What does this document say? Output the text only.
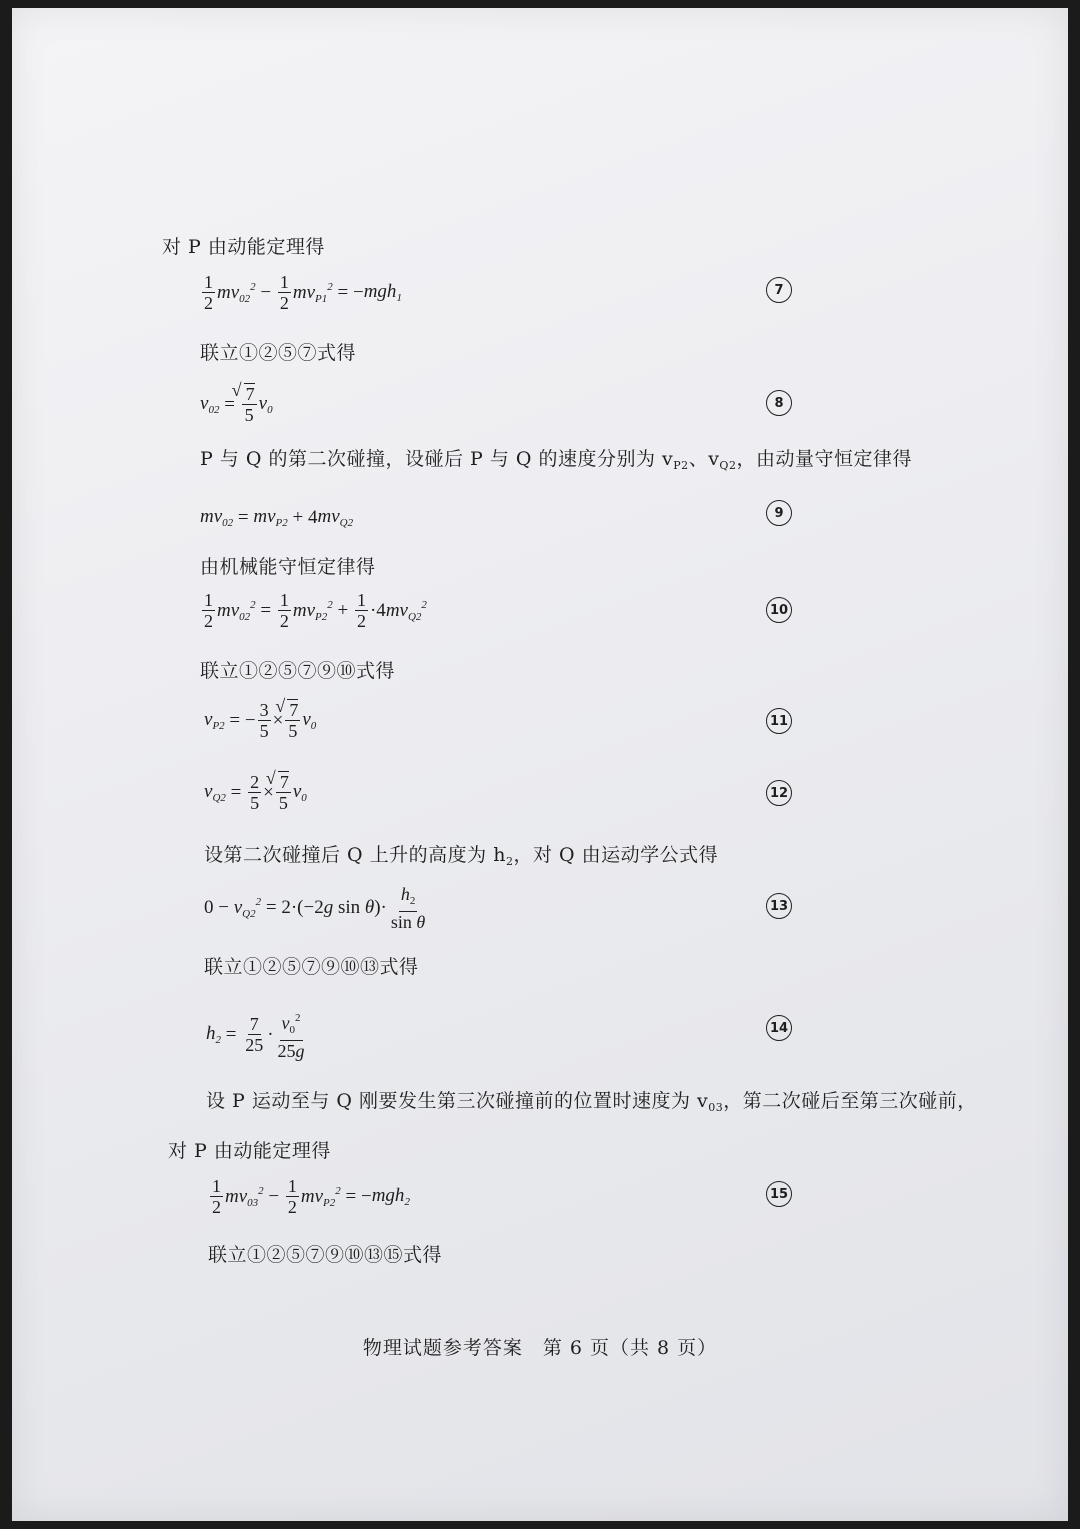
对 P 由动能定理得
$\frac{1}{2} mv_{02}^2 - \frac{1}{2} mv_{P1}^2$ = − mgh$_1$
7
联立①②⑤⑦式得
$v_{02}$ = √ $\frac{7}{5} v_0$	8
P 与 Q 的第二次碰撞，设碰后 P 与 Q 的速度分别为 $v_{P2}$、$v_{Q2}$，由动量守恒定律得
$mv_{02} = mv_{P2} + 4$ $mv_{Q2}$
9
由机械能守恒定律得
$\frac{1}{2} mv_{02}^2 = \frac{1}{2} mv_{P2}^2 + \frac{1}{2} \cdot 4$ $mv_{Q2}^2$	10
联立①②⑤⑦⑨⑩式得
$v_{P2}$ = − $\frac{3}{5}$ × √ $\frac{7}{5} v_0$	11
$v_{Q2} = \frac{2}{5}$ × √ $\frac{7}{5} v_0$	12
设第二次碰撞后 Q 上升的高度为 $h_2$，对 Q 由运动学公式得
$0 - v_{Q2}^2 = 2\cdot(-2$ g sin θ )· $\frac{h_2}{\text{sin θ}}$	13
联立①②⑤⑦⑨⑩⑬式得
$h_2 = \frac{7}{25} \cdot \frac{v_0^2}{25g}$	14
设 P 运动至与 Q 刚要发生第三次碰撞前的位置时速度为 $v_{03}$，第二次碰后至第三次碰前，
对 P 由动能定理得
$\frac{1}{2} mv_{03}^2 - \frac{1}{2} mv_{P2}^2$ = − mgh$_2$
15
联立①②⑤⑦⑨⑩⑬⑮式得
物理试题参考答案　第 6 页（共 8 页）
